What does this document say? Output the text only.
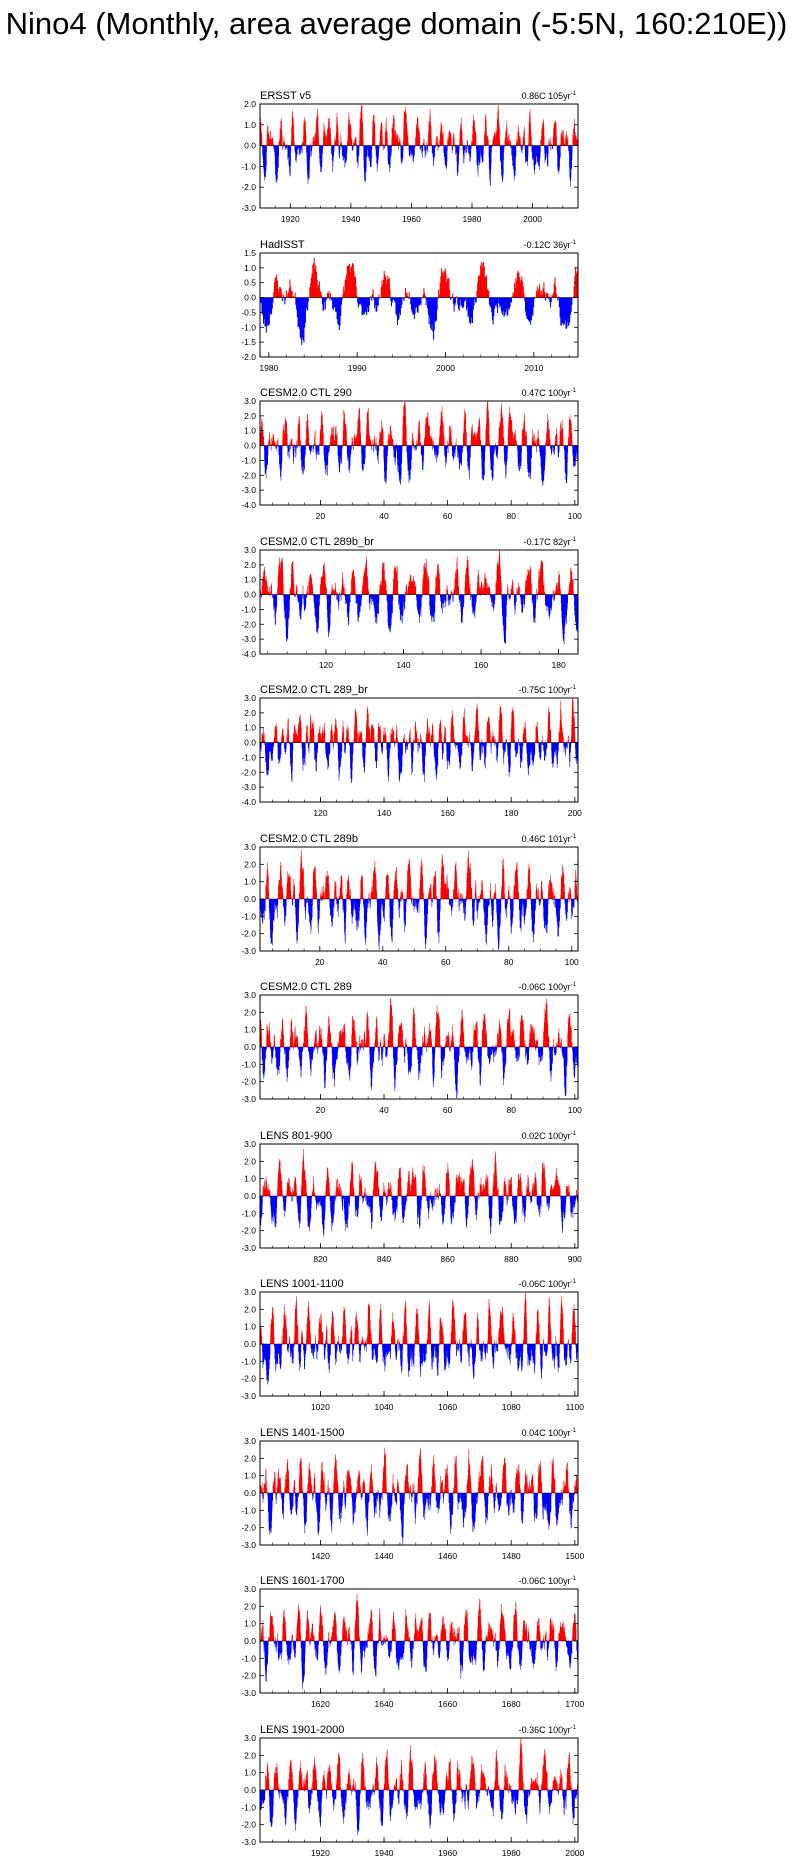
Nino4 (Monthly, area average domain (-5:5N, 160:210E))
ERSST v5	0.86C $105yr^{-1}$
-3.0
-2.0
-1.0
0.0
1.0
2.0
1920	1940	1960	1980	2000
HadISST	-0.12C $36yr^{-1}$
-2.0
-1.5
-1.0
-0.5
0.0
0.5
1.0
1.5
1980	1990	2000	2010
CESM2.0 CTL 290	0.47C $100yr^{-1}$
-4.0
-3.0
-2.0
-1.0
0.0
1.0
2.0
3.0
20	40	60	80	100
CESM2.0 CTL 289b_br	-0.17C $82yr^{-1}$
-4.0
-3.0
-2.0
-1.0
0.0
1.0
2.0
3.0
120	140	160	180
CESM2.0 CTL 289_br	-0.75C $100yr^{-1}$
-4.0
-3.0
-2.0
-1.0
0.0
1.0
2.0
3.0
120	140	160	180	200
CESM2.0 CTL 289b	0.46C $101yr^{-1}$
-3.0
-2.0
-1.0
0.0
1.0
2.0
3.0
20	40	60	80	100
CESM2.0 CTL 289	-0.06C $100yr^{-1}$
-3.0
-2.0
-1.0
0.0
1.0
2.0
3.0
20	40	60	80	100
LENS 801-900	0.02C $100yr^{-1}$
-3.0
-2.0
-1.0
0.0
1.0
2.0
3.0
820	840	860	880	900
LENS 1001-1100	-0.06C $100yr^{-1}$
-3.0
-2.0
-1.0
0.0
1.0
2.0
3.0
1020	1040	1060	1080	1100
LENS 1401-1500	0.04C $100yr^{-1}$
-3.0
-2.0
-1.0
0.0
1.0
2.0
3.0
1420	1440	1460	1480	1500
LENS 1601-1700	-0.06C $100yr^{-1}$
-3.0
-2.0
-1.0
0.0
1.0
2.0
3.0
1620	1640	1660	1680	1700
LENS 1901-2000	-0.36C $100yr^{-1}$
-3.0
-2.0
-1.0
0.0
1.0
2.0
3.0
1920	1940	1960	1980	2000
